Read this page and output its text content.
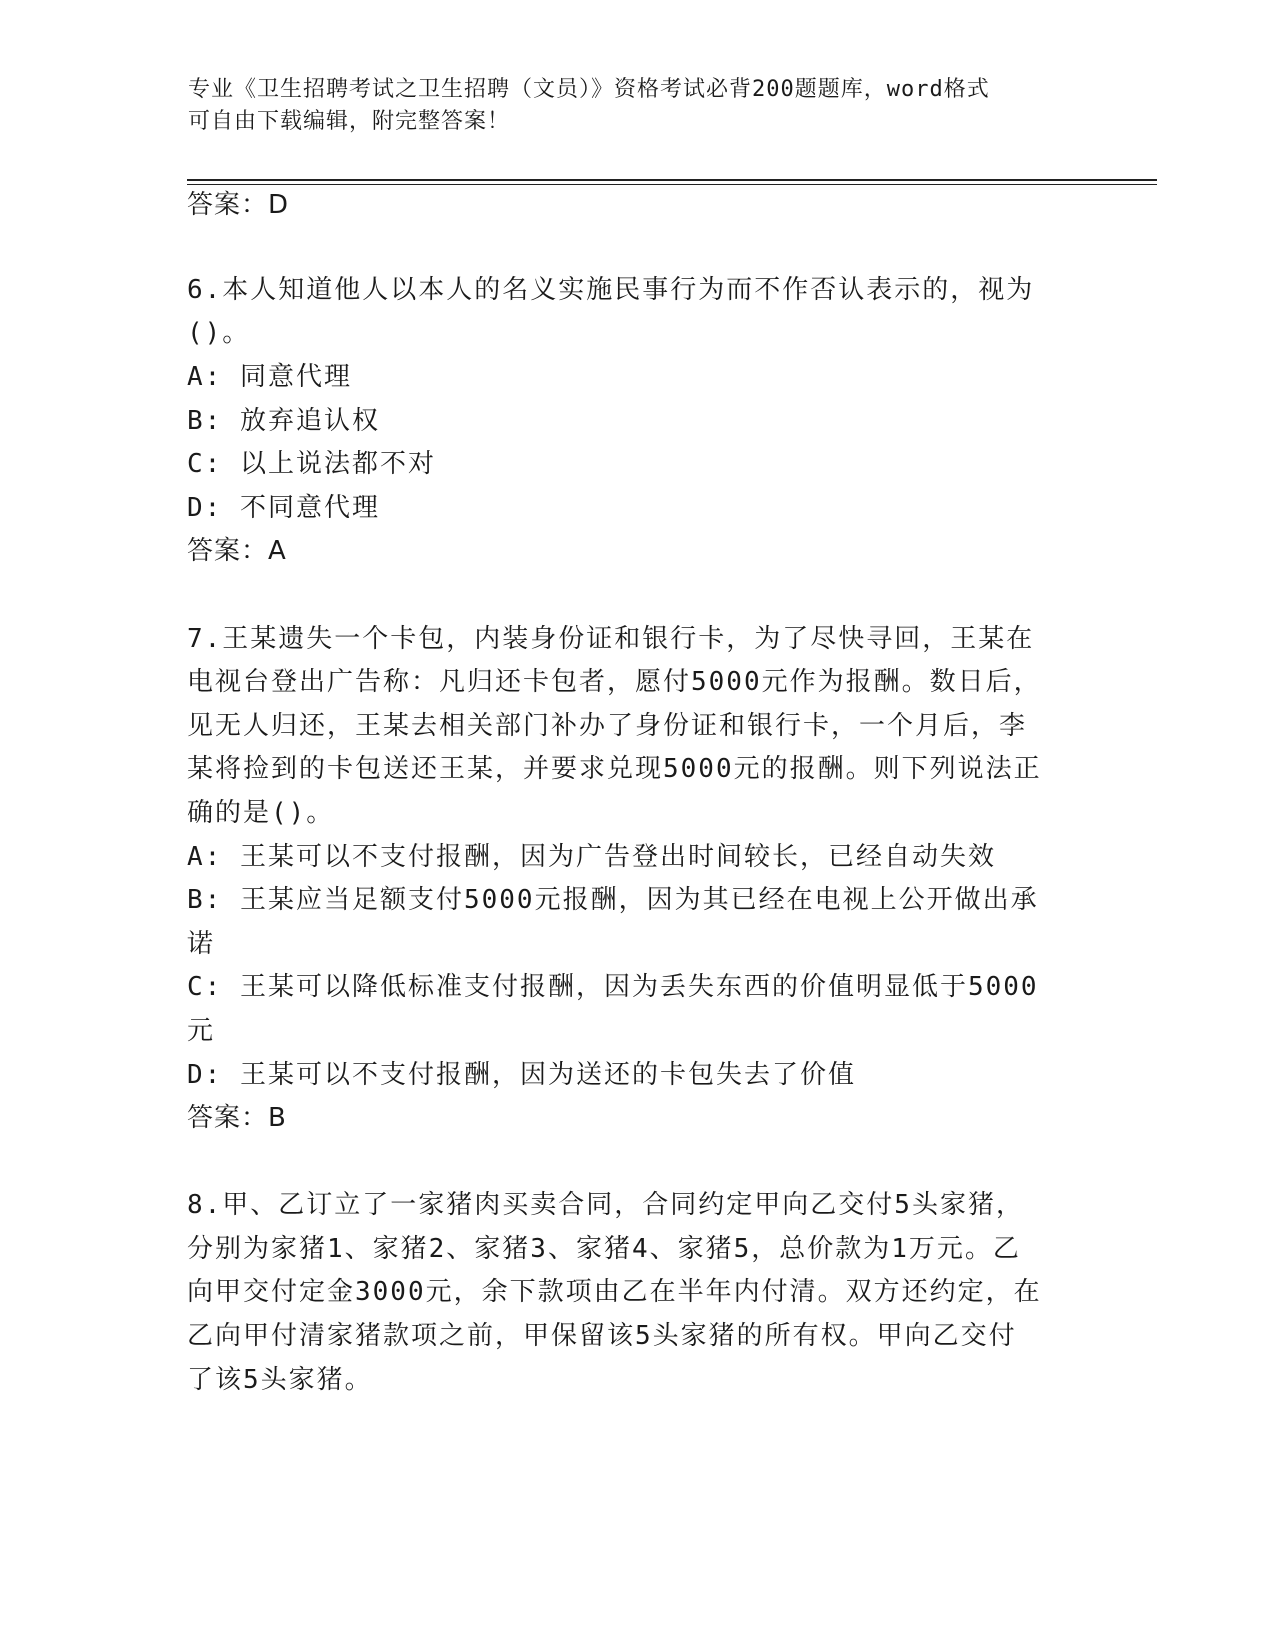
专业《卫生招聘考试之卫生招聘（文员）》资格考试必背200题题库，word格式
可自由下载编辑，附完整答案！
答案：D
6.本人知道他人以本人的名义实施民事行为而不作否认表示的，视为
()。
A: 同意代理
B: 放弃追认权
C: 以上说法都不对
D: 不同意代理
答案：A
7.王某遗失一个卡包，内装身份证和银行卡，为了尽快寻回，王某在
电视台登出广告称：凡归还卡包者，愿付5000元作为报酬。数日后，
见无人归还，王某去相关部门补办了身份证和银行卡，一个月后，李
某将捡到的卡包送还王某，并要求兑现5000元的报酬。则下列说法正
确的是()。
A: 王某可以不支付报酬，因为广告登出时间较长，已经自动失效
B: 王某应当足额支付5000元报酬，因为其已经在电视上公开做出承
诺
C: 王某可以降低标准支付报酬，因为丢失东西的价值明显低于5000
元
D: 王某可以不支付报酬，因为送还的卡包失去了价值
答案：B
8.甲、乙订立了一家猪肉买卖合同，合同约定甲向乙交付5头家猪，
分别为家猪1、家猪2、家猪3、家猪4、家猪5，总价款为1万元。乙
向甲交付定金3000元，余下款项由乙在半年内付清。双方还约定，在
乙向甲付清家猪款项之前，甲保留该5头家猪的所有权。甲向乙交付
了该5头家猪。
